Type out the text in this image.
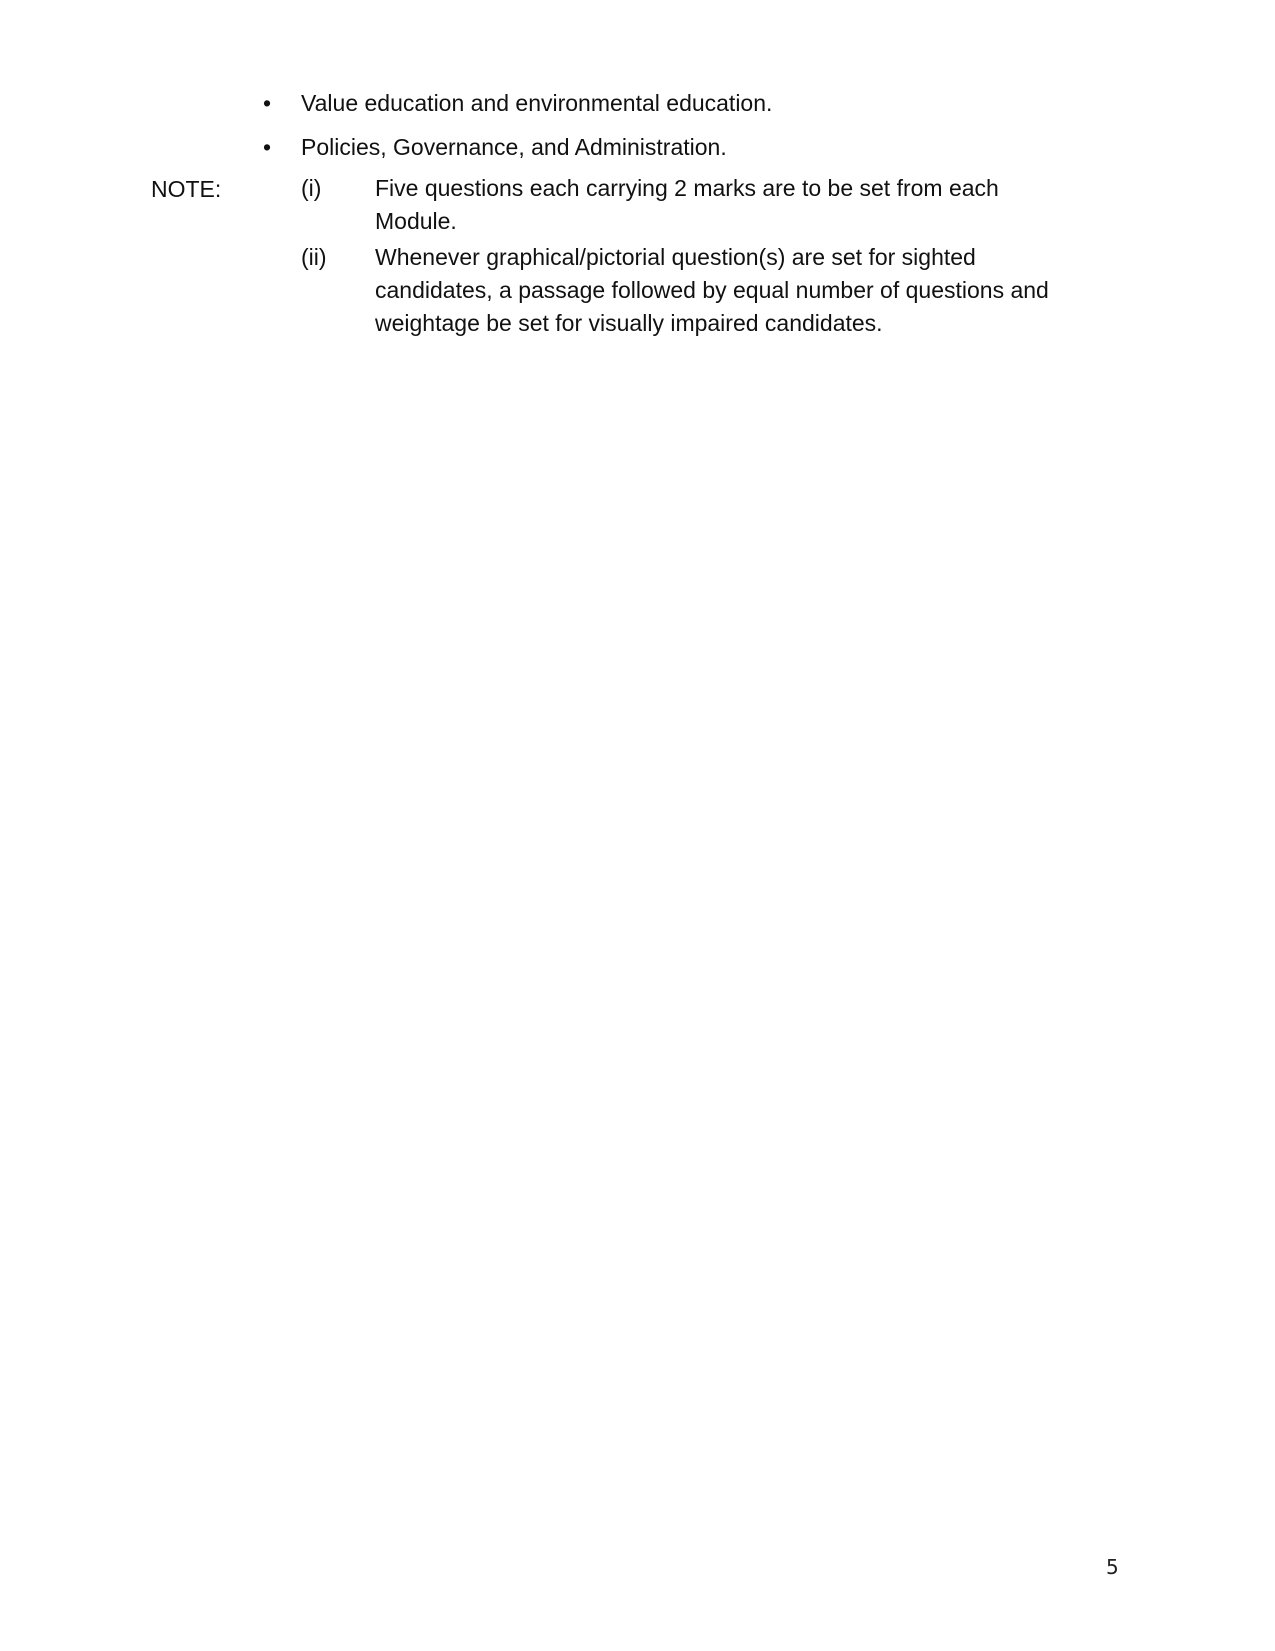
• Value education and environmental education.
• Policies, Governance, and Administration.
NOTE:	(i) Five questions each carrying 2 marks are to be set from each
Module.
(ii) Whenever graphical/pictorial question(s) are set for sighted
candidates, a passage followed by equal number of questions and
weightage be set for visually impaired candidates.
5
